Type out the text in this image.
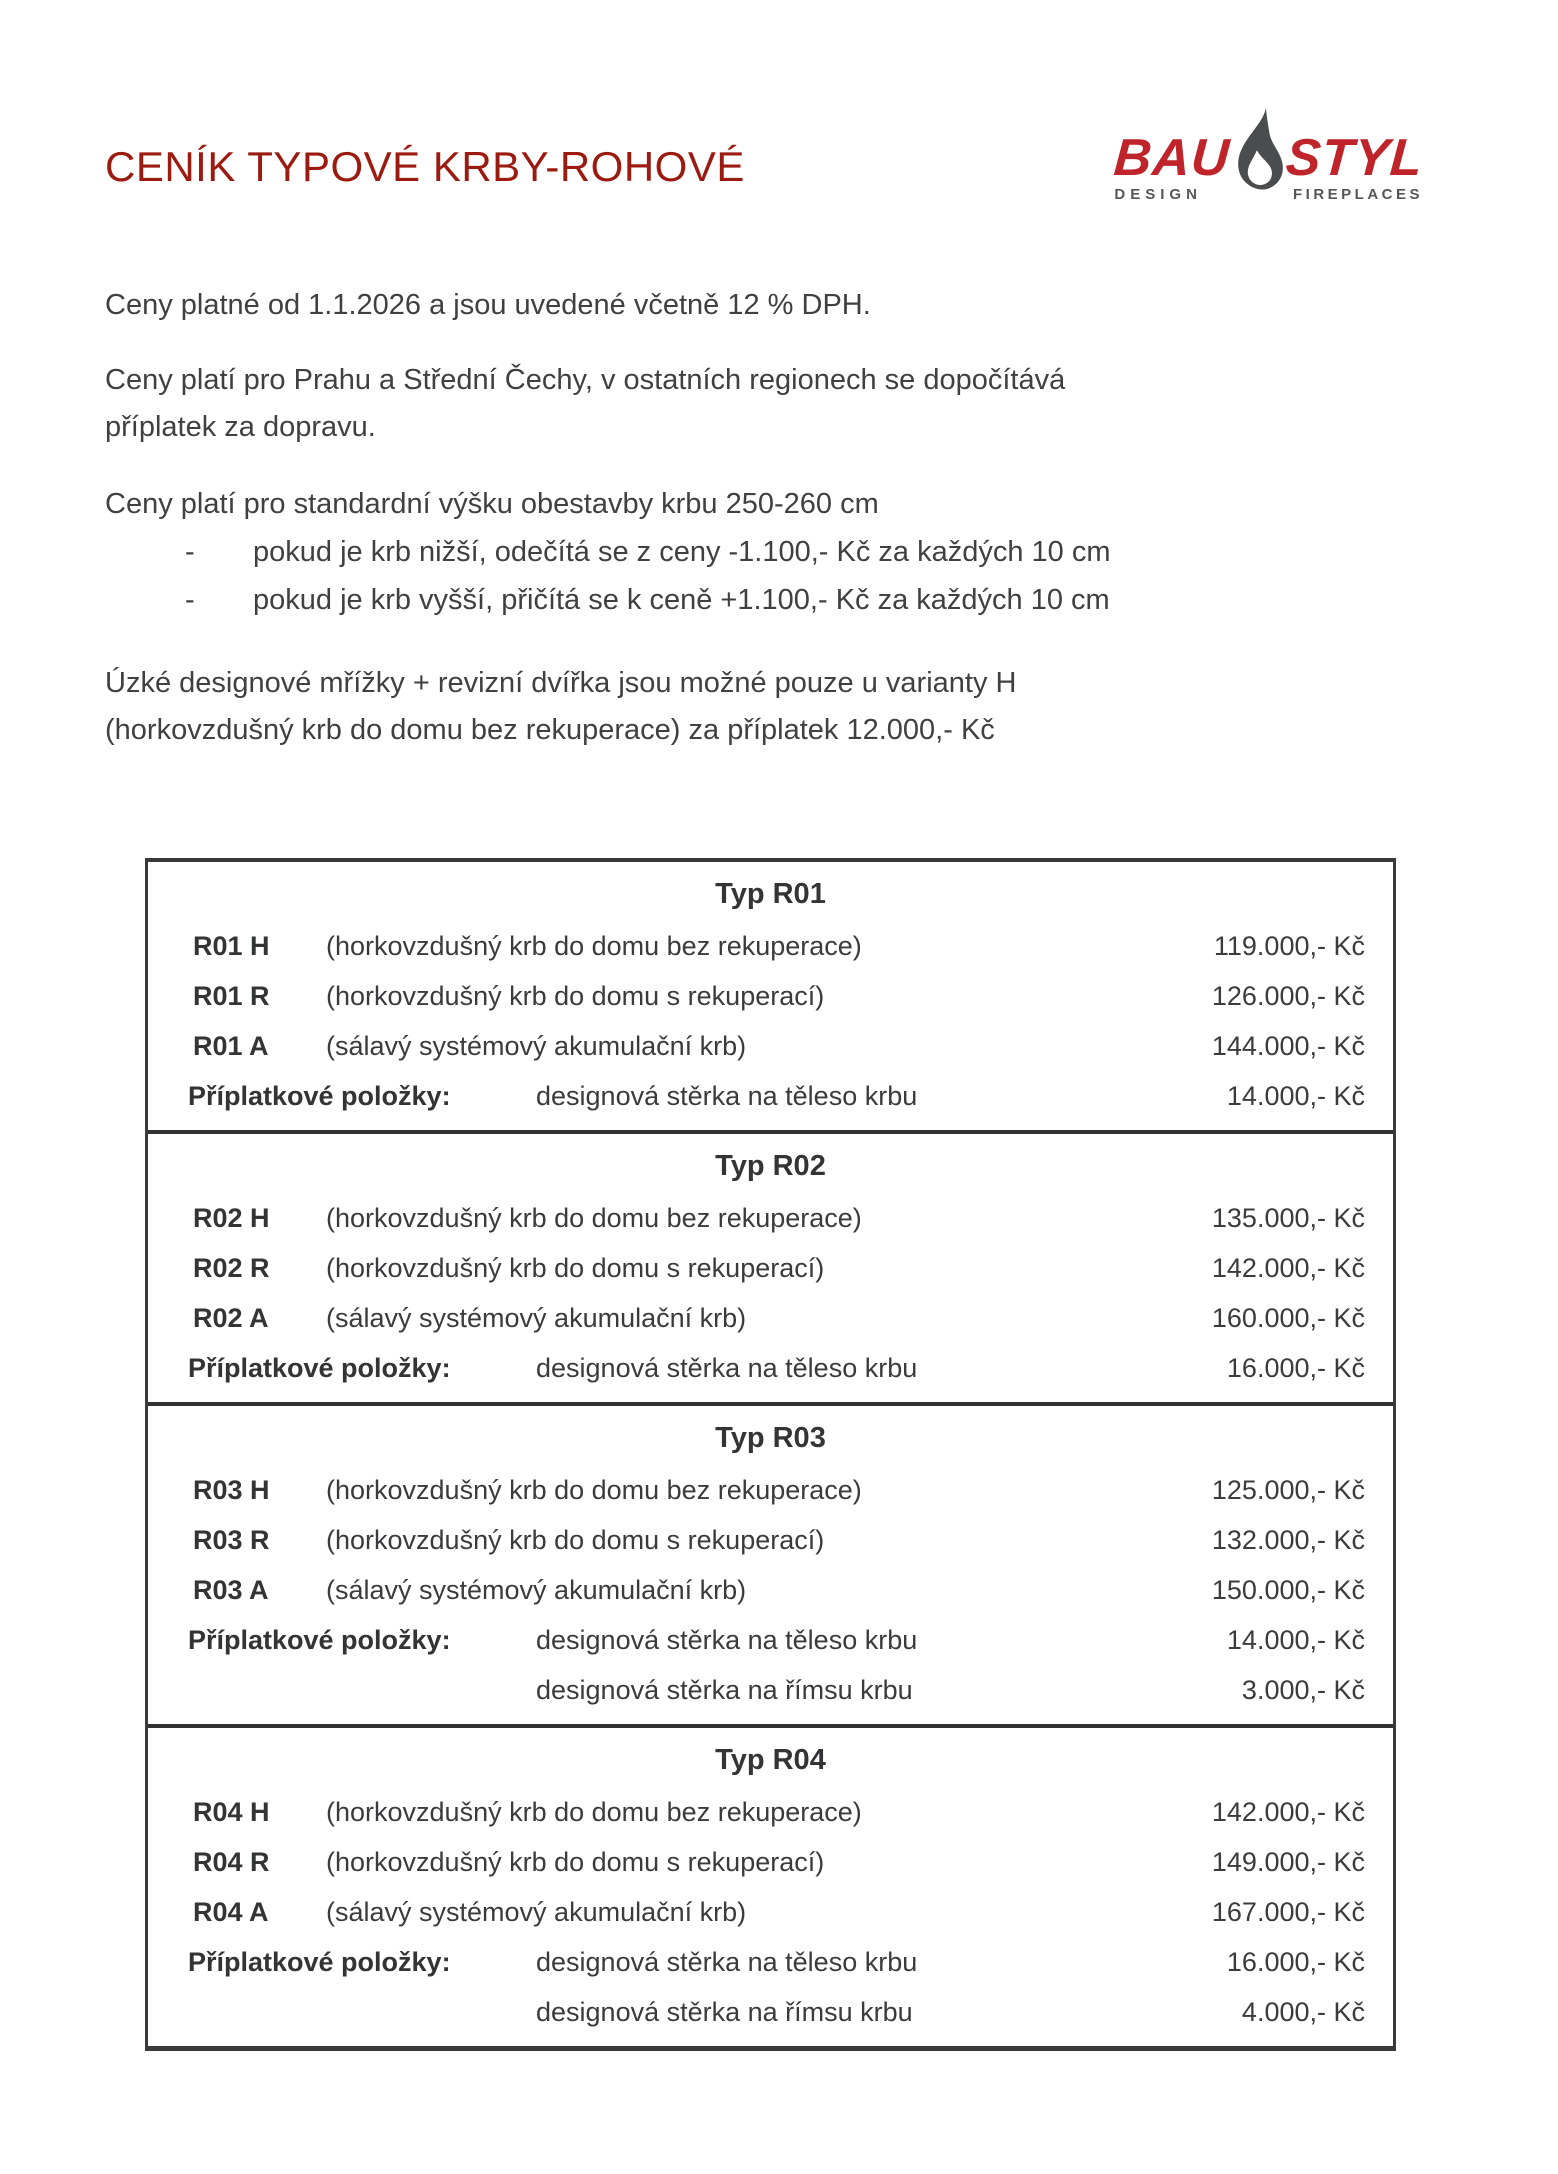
CENÍK TYPOVÉ KRBY-ROHOVÉ	BAU
DESIGN
STYL
FIREPLACES
Ceny platné od 1.1.2026 a jsou uvedené včetně 12 % DPH.
Ceny platí pro Prahu a Střední Čechy, v ostatních regionech se dopočítává
příplatek za dopravu.
Ceny platí pro standardní výšku obestavby krbu 250-260 cm
-	pokud je krb nižší, odečítá se z ceny -1.100,- Kč za každých 10 cm
-	pokud je krb vyšší, přičítá se k ceně +1.100,- Kč za každých 10 cm
Úzké designové mřížky + revizní dvířka jsou možné pouze u varianty H
(horkovzdušný krb do domu bez rekuperace) za příplatek 12.000,- Kč
Typ R01
R01 H	(horkovzdušný krb do domu bez rekuperace)	119.000,- Kč
R01 R	(horkovzdušný krb do domu s rekuperací)	126.000,- Kč
R01 A	(sálavý systémový akumulační krb)	144.000,- Kč
Příplatkové položky:	designová stěrka na těleso krbu	14.000,- Kč
Typ R02
R02 H	(horkovzdušný krb do domu bez rekuperace)	135.000,- Kč
R02 R	(horkovzdušný krb do domu s rekuperací)	142.000,- Kč
R02 A	(sálavý systémový akumulační krb)	160.000,- Kč
Příplatkové položky:	designová stěrka na těleso krbu	16.000,- Kč
Typ R03
R03 H	(horkovzdušný krb do domu bez rekuperace)	125.000,- Kč
R03 R	(horkovzdušný krb do domu s rekuperací)	132.000,- Kč
R03 A	(sálavý systémový akumulační krb)	150.000,- Kč
Příplatkové položky:	designová stěrka na těleso krbu	14.000,- Kč
designová stěrka na římsu krbu	3.000,- Kč
Typ R04
R04 H	(horkovzdušný krb do domu bez rekuperace)	142.000,- Kč
R04 R	(horkovzdušný krb do domu s rekuperací)	149.000,- Kč
R04 A	(sálavý systémový akumulační krb)	167.000,- Kč
Příplatkové položky:	designová stěrka na těleso krbu	16.000,- Kč
designová stěrka na římsu krbu	4.000,- Kč
